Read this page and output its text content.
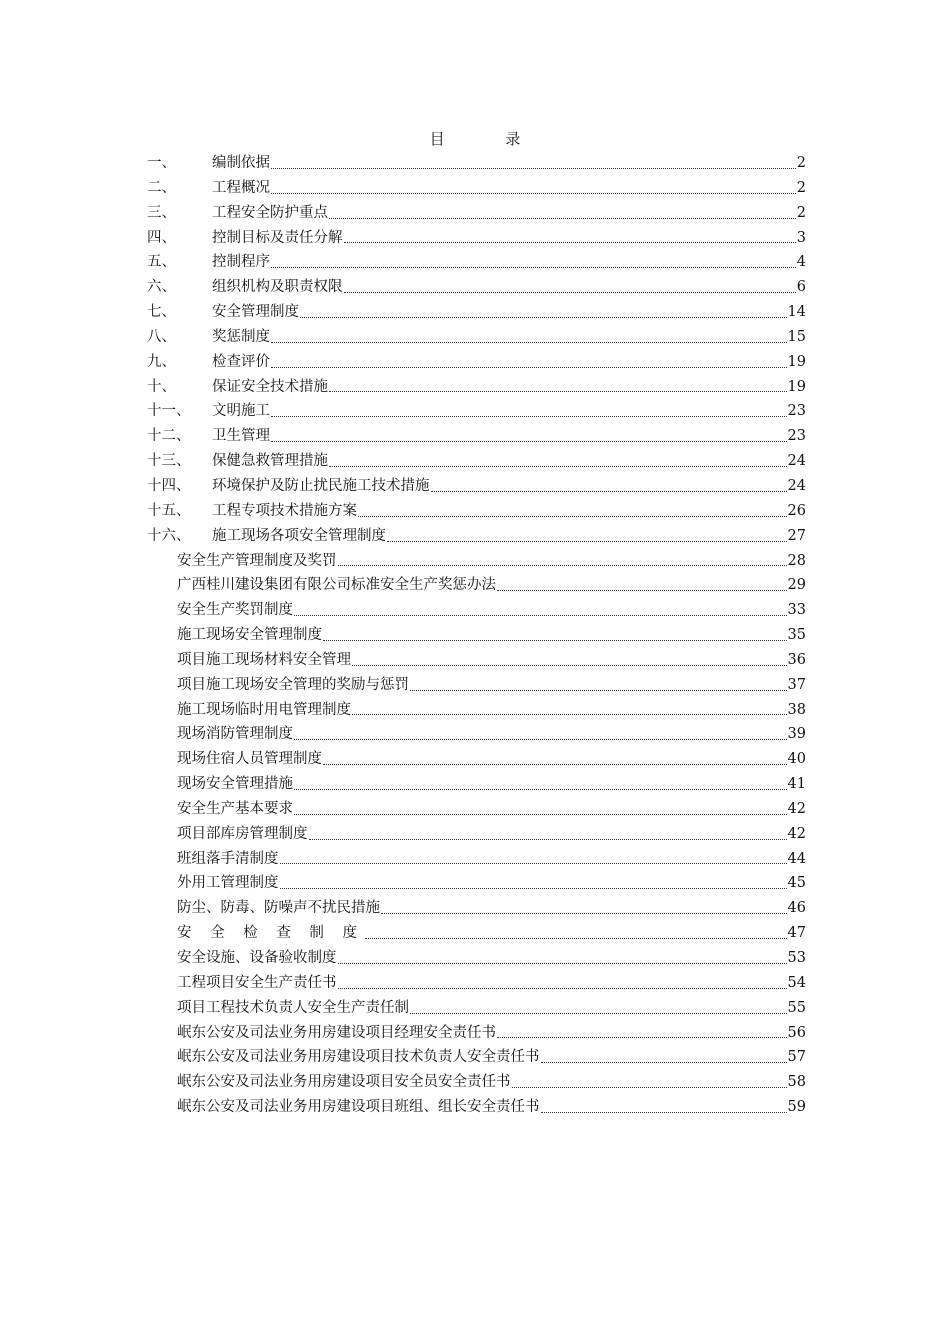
目 录
一、	编制依据	2
二、	工程概况	2
三、	工程安全防护重点	2
四、	控制目标及责任分解	3
五、	控制程序	4
六、	组织机构及职责权限	6
七、	安全管理制度	14
八、	奖惩制度	15
九、	检查评价	19
十、	保证安全技术措施	19
十一、	文明施工	23
十二、	卫生管理	23
十三、	保健急救管理措施	24
十四、	环境保护及防止扰民施工技术措施	24
十五、	工程专项技术措施方案	26
十六、	施工现场各项安全管理制度	27
安全生产管理制度及奖罚	28
广西桂川建设集团有限公司标准安全生产奖惩办法	29
安全生产奖罚制度	33
施工现场安全管理制度	35
项目施工现场材料安全管理	36
项目施工现场安全管理的奖励与惩罚	37
施工现场临时用电管理制度	38
现场消防管理制度	39
现场住宿人员管理制度	40
现场安全管理措施	41
安全生产基本要求	42
项目部库房管理制度	42
班组落手清制度	44
外用工管理制度	45
防尘、防毒、防噪声不扰民措施	46
安 全 检 查 制 度	47
安全设施、设备验收制度	53
工程项目安全生产责任书	54
项目工程技术负责人安全生产责任制	55
岷东公安及司法业务用房建设项目经理安全责任书	56
岷东公安及司法业务用房建设项目技术负责人安全责任书	57
岷东公安及司法业务用房建设项目安全员安全责任书	58
岷东公安及司法业务用房建设项目班组、组长安全责任书	59
